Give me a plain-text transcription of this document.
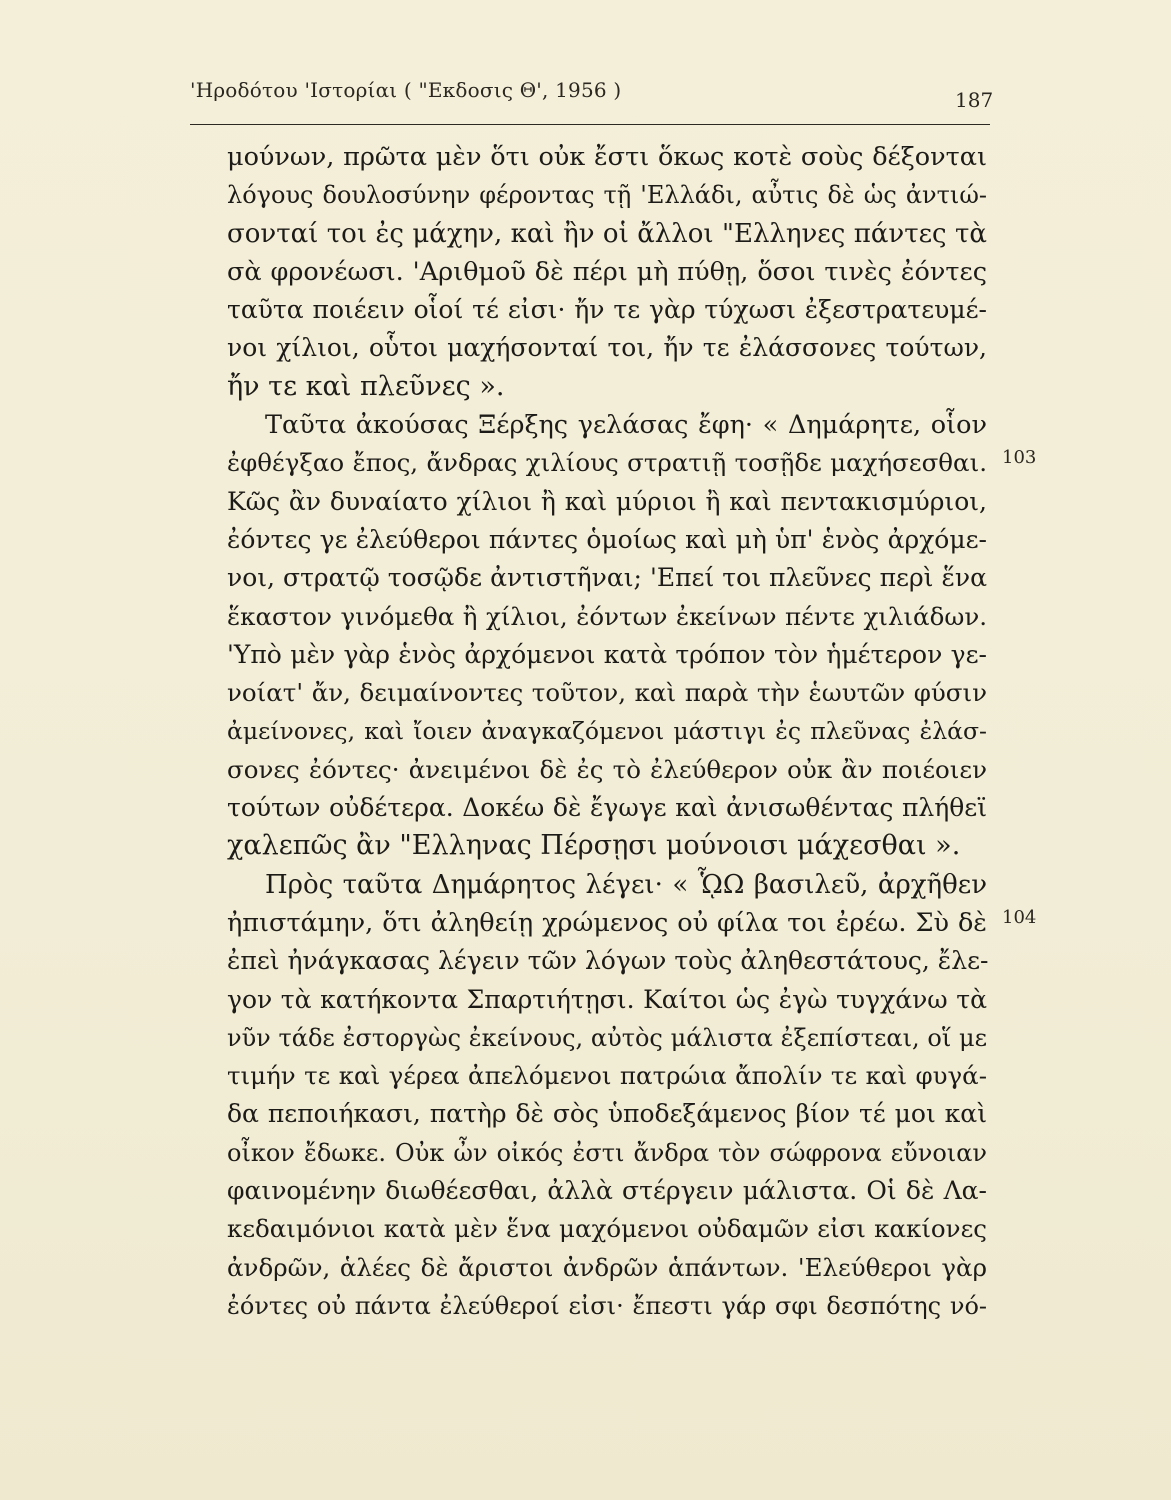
'Ηροδότου 'Ιστορίαι ( "Εκδοσις Θ', 1956 )	187
μούνων, πρῶτα μὲν ὅτι οὐκ ἔστι ὅκως κοτὲ σοὺς δέξονται
λόγους δουλοσύνην φέροντας τῇ 'Ελλάδι, αὖτις δὲ ὡς ἀντιώ-
σονταί τοι ἐς μάχην, καὶ ἢν οἱ ἄλλοι "Ελληνες πάντες τὰ
σὰ φρονέωσι. 'Αριθμοῦ δὲ πέρι μὴ πύθῃ, ὅσοι τινὲς ἐόντες
ταῦτα ποιέειν οἷοί τέ εἰσι· ἤν τε γὰρ τύχωσι ἐξεστρατευμέ-
νοι χίλιοι, οὗτοι μαχήσονταί τοι, ἤν τε ἐλάσσονες τούτων,
ἤν τε καὶ πλεῦνες ».
Ταῦτα ἀκούσας Ξέρξης γελάσας ἔφη· « Δημάρητε, οἷον
ἐφθέγξαο ἔπος, ἄνδρας χιλίους στρατιῇ τοσῇδε μαχήσεσθαι.
Κῶς ἂν δυναίατο χίλιοι ἢ καὶ μύριοι ἢ καὶ πεντακισμύριοι,
ἐόντες γε ἐλεύθεροι πάντες ὁμοίως καὶ μὴ ὑπ' ἑνὸς ἀρχόμε-
νοι, στρατῷ τοσῷδε ἀντιστῆναι; 'Επεί τοι πλεῦνες περὶ ἕνα
ἕκαστον γινόμεθα ἢ χίλιοι, ἐόντων ἐκείνων πέντε χιλιάδων.
'Υπὸ μὲν γὰρ ἑνὸς ἀρχόμενοι κατὰ τρόπον τὸν ἡμέτερον γε-
νοίατ' ἄν, δειμαίνοντες τοῦτον, καὶ παρὰ τὴν ἑωυτῶν φύσιν
ἀμείνονες, καὶ ἴοιεν ἀναγκαζόμενοι μάστιγι ἐς πλεῦνας ἐλάσ-
σονες ἐόντες· ἀνειμένοι δὲ ἐς τὸ ἐλεύθερον οὐκ ἂν ποιέοιεν
τούτων οὐδέτερα. Δοκέω δὲ ἔγωγε καὶ ἀνισωθέντας πλήθεϊ
χαλεπῶς ἂν "Ελληνας Πέρσῃσι μούνοισι μάχεσθαι ».
Πρὸς ταῦτα Δημάρητος λέγει· « ᾯΩ βασιλεῦ, ἀρχῆθεν
ἠπιστάμην, ὅτι ἀληθείῃ χρώμενος οὐ φίλα τοι ἐρέω. Σὺ δὲ
ἐπεὶ ἠνάγκασας λέγειν τῶν λόγων τοὺς ἀληθεστάτους, ἔλε-
γον τὰ κατήκοντα Σπαρτιήτῃσι. Καίτοι ὡς ἐγὼ τυγχάνω τὰ
νῦν τάδε ἐστοργὼς ἐκείνους, αὐτὸς μάλιστα ἐξεπίστεαι, οἵ με
τιμήν τε καὶ γέρεα ἀπελόμενοι πατρώια ἄπολίν τε καὶ φυγά-
δα πεποιήκασι, πατὴρ δὲ σὸς ὑποδεξάμενος βίον τέ μοι καὶ
οἶκον ἔδωκε. Οὐκ ὦν οἰκός ἐστι ἄνδρα τὸν σώφρονα εὔνοιαν
φαινομένην διωθέεσθαι, ἀλλὰ στέργειν μάλιστα. Οἱ δὲ Λα-
κεδαιμόνιοι κατὰ μὲν ἕνα μαχόμενοι οὐδαμῶν εἰσι κακίονες
ἀνδρῶν, ἁλέες δὲ ἄριστοι ἀνδρῶν ἁπάντων. 'Ελεύθεροι γὰρ
ἐόντες οὐ πάντα ἐλεύθεροί εἰσι· ἔπεστι γάρ σφι δεσπότης νό-
103
104
